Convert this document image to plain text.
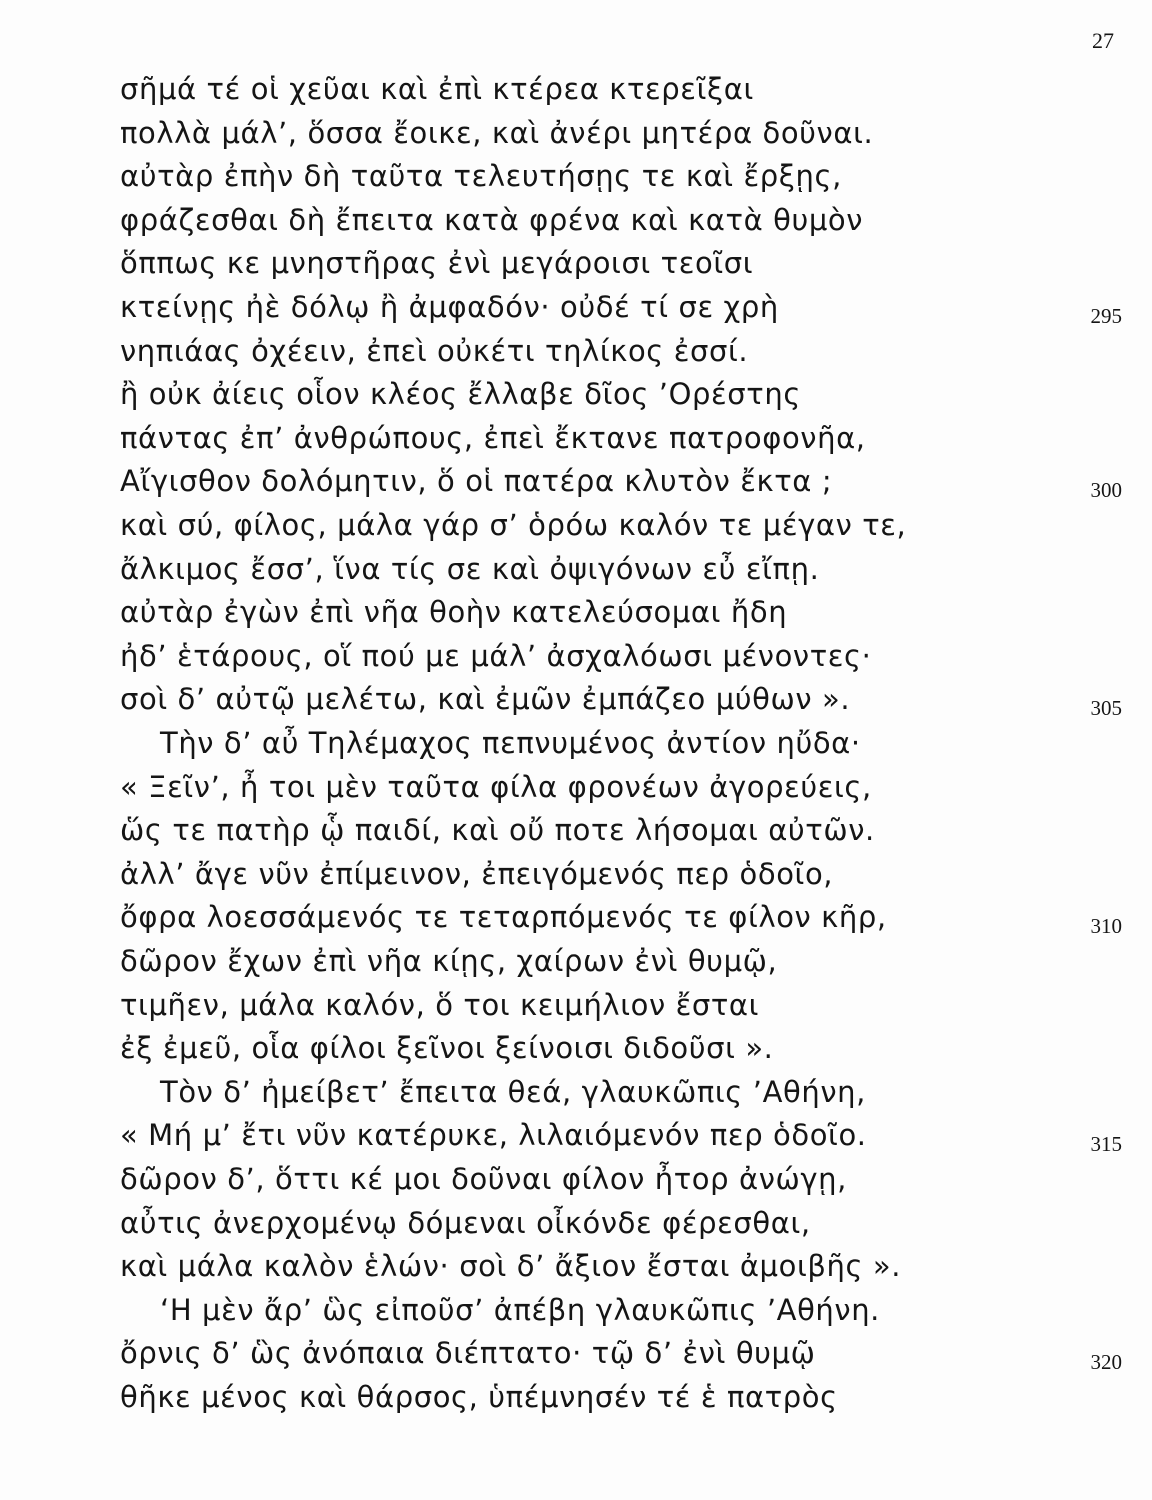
27
σῆμά τέ οἱ χεῦαι καὶ ἐπὶ κτέρεα κτερεῖξαι
πολλὰ μάλ’, ὅσσα ἔοικε, καὶ ἀνέρι μητέρα δοῦναι.
αὐτὰρ ἐπὴν δὴ ταῦτα τελευτήσῃς τε καὶ ἔρξῃς,
φράζεσθαι δὴ ἔπειτα κατὰ φρένα καὶ κατὰ θυμὸν
ὅππως κε μνηστῆρας ἐνὶ μεγάροισι τεοῖσι
κτείνῃς ἠὲ δόλῳ ἢ ἀμφαδόν· οὐδέ τί σε χρὴ	295
νηπιάας ὀχέειν, ἐπεὶ οὐκέτι τηλίκος ἐσσί.
ἢ οὐκ ἀίεις οἷον κλέος ἔλλαβε δῖος ’Ορέστης
πάντας ἐπ’ ἀνθρώπους, ἐπεὶ ἔκτανε πατροφονῆα,
Αἴγισθον δολόμητιν, ὅ οἱ πατέρα κλυτὸν ἔκτα ;	300
καὶ σύ, φίλος, μάλα γάρ σ’ ὁρόω καλόν τε μέγαν τε,
ἄλκιμος ἔσσ’, ἵνα τίς σε καὶ ὀψιγόνων εὖ εἴπῃ.
αὐτὰρ ἐγὼν ἐπὶ νῆα θοὴν κατελεύσομαι ἤδη
ἠδ’ ἑτάρους, οἵ πού με μάλ’ ἀσχαλόωσι μένοντες·
σοὶ δ’ αὐτῷ μελέτω, καὶ ἐμῶν ἐμπάζεο μύθων ».	305
Τὴν δ’ αὖ Τηλέμαχος πεπνυμένος ἀντίον ηὔδα·
« Ξεῖν’, ἦ τοι μὲν ταῦτα φίλα φρονέων ἀγορεύεις,
ὥς τε πατὴρ ᾧ παιδί, καὶ οὔ ποτε λήσομαι αὐτῶν.
ἀλλ’ ἄγε νῦν ἐπίμεινον, ἐπειγόμενός περ ὁδοῖο,
ὄφρα λοεσσάμενός τε τεταρπόμενός τε φίλον κῆρ,	310
δῶρον ἔχων ἐπὶ νῆα κίῃς, χαίρων ἐνὶ θυμῷ,
τιμῆεν, μάλα καλόν, ὅ τοι κειμήλιον ἔσται
ἐξ ἐμεῦ, οἷα φίλοι ξεῖνοι ξείνοισι διδοῦσι ».
Τὸν δ’ ἠμείβετ’ ἔπειτα θεά, γλαυκῶπις ’Αθήνη,
« Μή μ’ ἔτι νῦν κατέρυκε, λιλαιόμενόν περ ὁδοῖο.	315
δῶρον δ’, ὅττι κέ μοι δοῦναι φίλον ἦτορ ἀνώγῃ,
αὖτις ἀνερχομένῳ δόμεναι οἶκόνδε φέρεσθαι,
καὶ μάλα καλὸν ἑλών· σοὶ δ’ ἄξιον ἔσται ἀμοιβῆς ».
‘Η μὲν ἄρ’ ὣς εἰποῦσ’ ἀπέβη γλαυκῶπις ’Αθήνη.
ὄρνις δ’ ὣς ἀνόπαια διέπτατο· τῷ δ’ ἐνὶ θυμῷ	320
θῆκε μένος καὶ θάρσος, ὑπέμνησέν τέ ἑ πατρὸς
